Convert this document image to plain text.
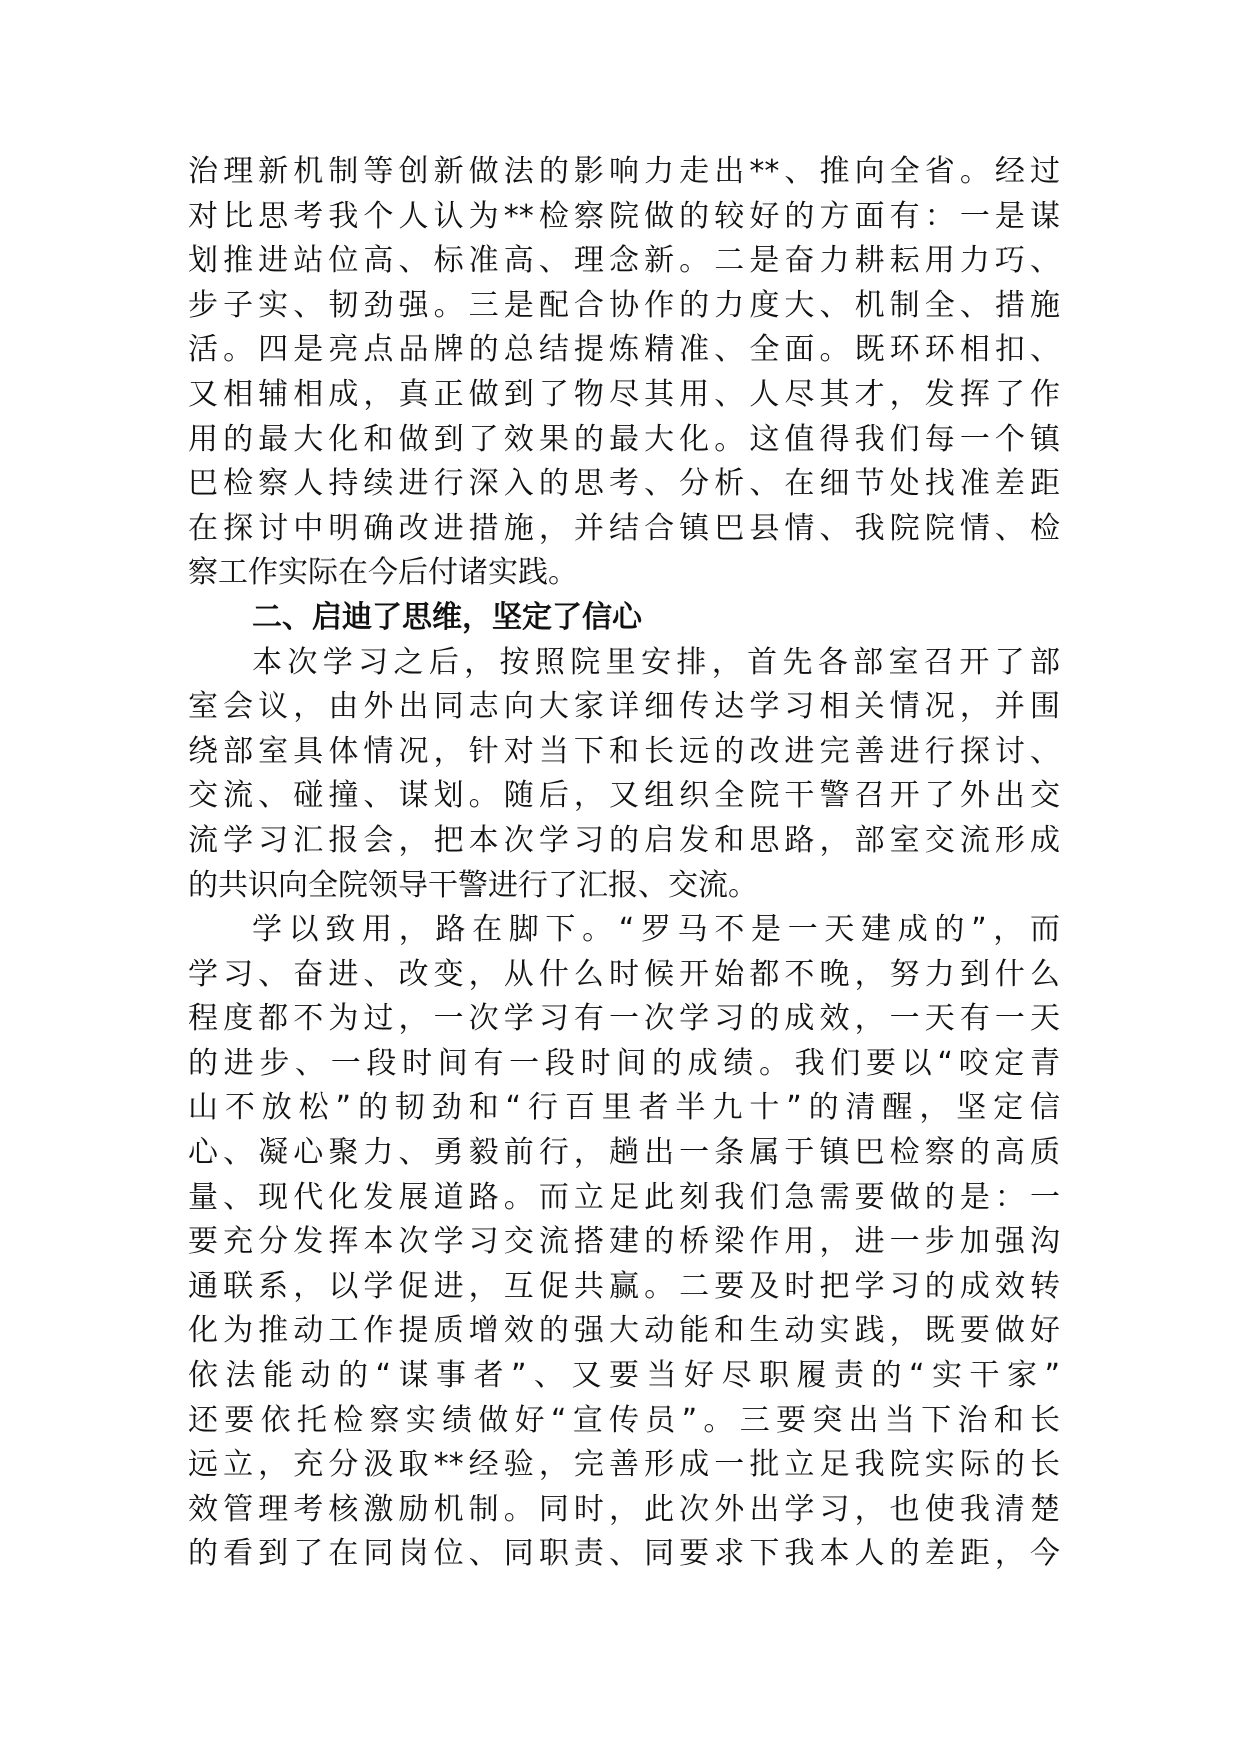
治理新机制等创新做法的影响力走出**、推向全省。经过
对比思考我个人认为**检察院做的较好的方面有：一是谋
划推进站位高、标准高、理念新。二是奋力耕耘用力巧、
步子实、韧劲强。三是配合协作的力度大、机制全、措施
活。四是亮点品牌的总结提炼精准、全面。既环环相扣、
又相辅相成，真正做到了物尽其用、人尽其才，发挥了作
用的最大化和做到了效果的最大化。这值得我们每一个镇
巴检察人持续进行深入的思考、分析、在细节处找准差距
在探讨中明确改进措施，并结合镇巴县情、我院院情、检
察工作实际在今后付诸实践。
二、启迪了思维，坚定了信心
本次学习之后，按照院里安排，首先各部室召开了部
室会议，由外出同志向大家详细传达学习相关情况，并围
绕部室具体情况，针对当下和长远的改进完善进行探讨、
交流、碰撞、谋划。随后，又组织全院干警召开了外出交
流学习汇报会，把本次学习的启发和思路，部室交流形成
的共识向全院领导干警进行了汇报、交流。
学以致用，路在脚下。“罗马不是一天建成的”，而
学习、奋进、改变，从什么时候开始都不晚，努力到什么
程度都不为过，一次学习有一次学习的成效，一天有一天
的进步、一段时间有一段时间的成绩。我们要以“咬定青
山不放松”的韧劲和“行百里者半九十”的清醒，坚定信
心、凝心聚力、勇毅前行，趟出一条属于镇巴检察的高质
量、现代化发展道路。而立足此刻我们急需要做的是：一
要充分发挥本次学习交流搭建的桥梁作用，进一步加强沟
通联系，以学促进，互促共赢。二要及时把学习的成效转
化为推动工作提质增效的强大动能和生动实践，既要做好
依法能动的“谋事者”、又要当好尽职履责的“实干家”
还要依托检察实绩做好“宣传员”。三要突出当下治和长
远立，充分汲取**经验，完善形成一批立足我院实际的长
效管理考核激励机制。同时，此次外出学习，也使我清楚
的看到了在同岗位、同职责、同要求下我本人的差距，今
